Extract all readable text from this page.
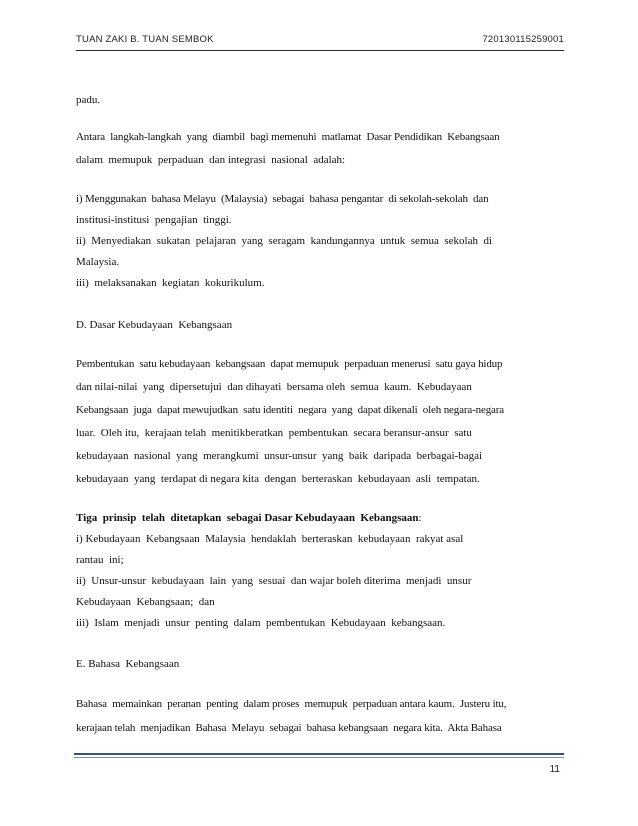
TUAN ZAKI B. TUAN SEMBOK	720130115259001
padu.
Antara  langkah-langkah  yang  diambil  bagi memenuhi  matlamat  Dasar Pendidikan  Kebangsaan
dalam  memupuk  perpaduan  dan integrasi  nasional  adalah:
i) Menggunakan  bahasa Melayu  (Malaysia)  sebagai  bahasa pengantar  di sekolah-sekolah  dan
institusi-institusi  pengajian  tinggi.
ii)  Menyediakan  sukatan  pelajaran  yang  seragam  kandungannya  untuk  semua  sekolah  di
Malaysia.
iii)  melaksanakan  kegiatan  kokurikulum.
D. Dasar Kebudayaan  Kebangsaan
Pembentukan  satu kebudayaan  kebangsaan  dapat memupuk  perpaduan menerusi  satu gaya hidup
dan nilai-nilai  yang  dipersetujui  dan dihayati  bersama oleh  semua  kaum.  Kebudayaan
Kebangsaan  juga  dapat mewujudkan  satu identiti  negara  yang  dapat dikenali  oleh negara-negara
luar.  Oleh itu,  kerajaan telah  menitikberatkan  pembentukan  secara beransur-ansur  satu
kebudayaan  nasional  yang  merangkumi  unsur-unsur  yang  baik  daripada  berbagai-bagai
kebudayaan  yang  terdapat di negara kita  dengan  berteraskan  kebudayaan  asli  tempatan.
Tiga  prinsip  telah  ditetapkan  sebagai Dasar Kebudayaan  Kebangsaan:
i) Kebudayaan  Kebangsaan  Malaysia  hendaklah  berteraskan  kebudayaan  rakyat asal
rantau  ini;
ii)  Unsur-unsur  kebudayaan  lain  yang  sesuai  dan wajar boleh diterima  menjadi  unsur
Kebudayaan  Kebangsaan;  dan
iii)  Islam  menjadi  unsur  penting  dalam  pembentukan  Kebudayaan  kebangsaan.
E. Bahasa  Kebangsaan
Bahasa  memainkan  peranan  penting  dalam proses  memupuk  perpaduan antara kaum.  Justeru itu,
kerajaan telah  menjadikan  Bahasa  Melayu  sebagai  bahasa kebangsaan  negara kita.  Akta Bahasa
11
